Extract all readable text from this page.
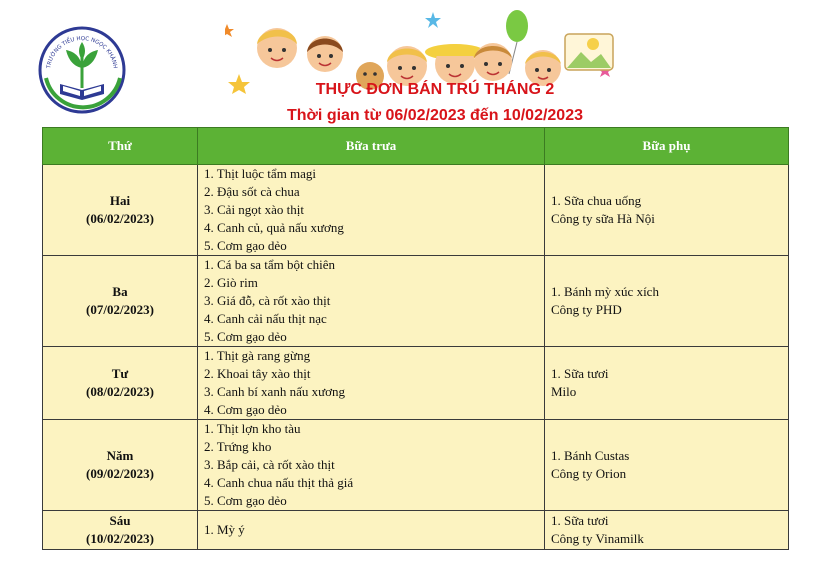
TRƯỜNG TIỂU HỌC NGỌC KHÁNH
THỰC ĐƠN BÁN TRÚ THÁNG 2
Thời gian từ 06/02/2023 đến 10/02/2023
Thứ	Bữa trưa	Bữa phụ

Hai
(06/02/2023)	1. Thịt luộc tẩm magi
2. Đậu sốt cà chua
3. Cải ngọt xào thịt
4. Canh củ, quả nấu xương
5. Cơm gạo dẻo	1. Sữa chua uống
Công ty sữa Hà Nội

Ba
(07/02/2023)	1. Cá ba sa tẩm bột chiên
2. Giò rim
3. Giá đỗ, cà rốt xào thịt
4. Canh cải nấu thịt nạc
5. Cơm gạo dẻo	1. Bánh mỳ xúc xích
Công ty PHD

Tư
(08/02/2023)	1. Thịt gà rang gừng
2. Khoai tây xào thịt
3. Canh bí xanh nấu xương
4. Cơm gạo dẻo	1. Sữa tươi
Milo

Năm
(09/02/2023)	1. Thịt lợn kho tàu
2. Trứng kho
3. Bắp cải, cà rốt xào thịt
4. Canh chua nấu thịt thả giá
5. Cơm gạo dẻo	1. Bánh Custas
Công ty Orion

Sáu
(10/02/2023)	1. Mỳ ý	1. Sữa tươi
Công ty Vinamilk
